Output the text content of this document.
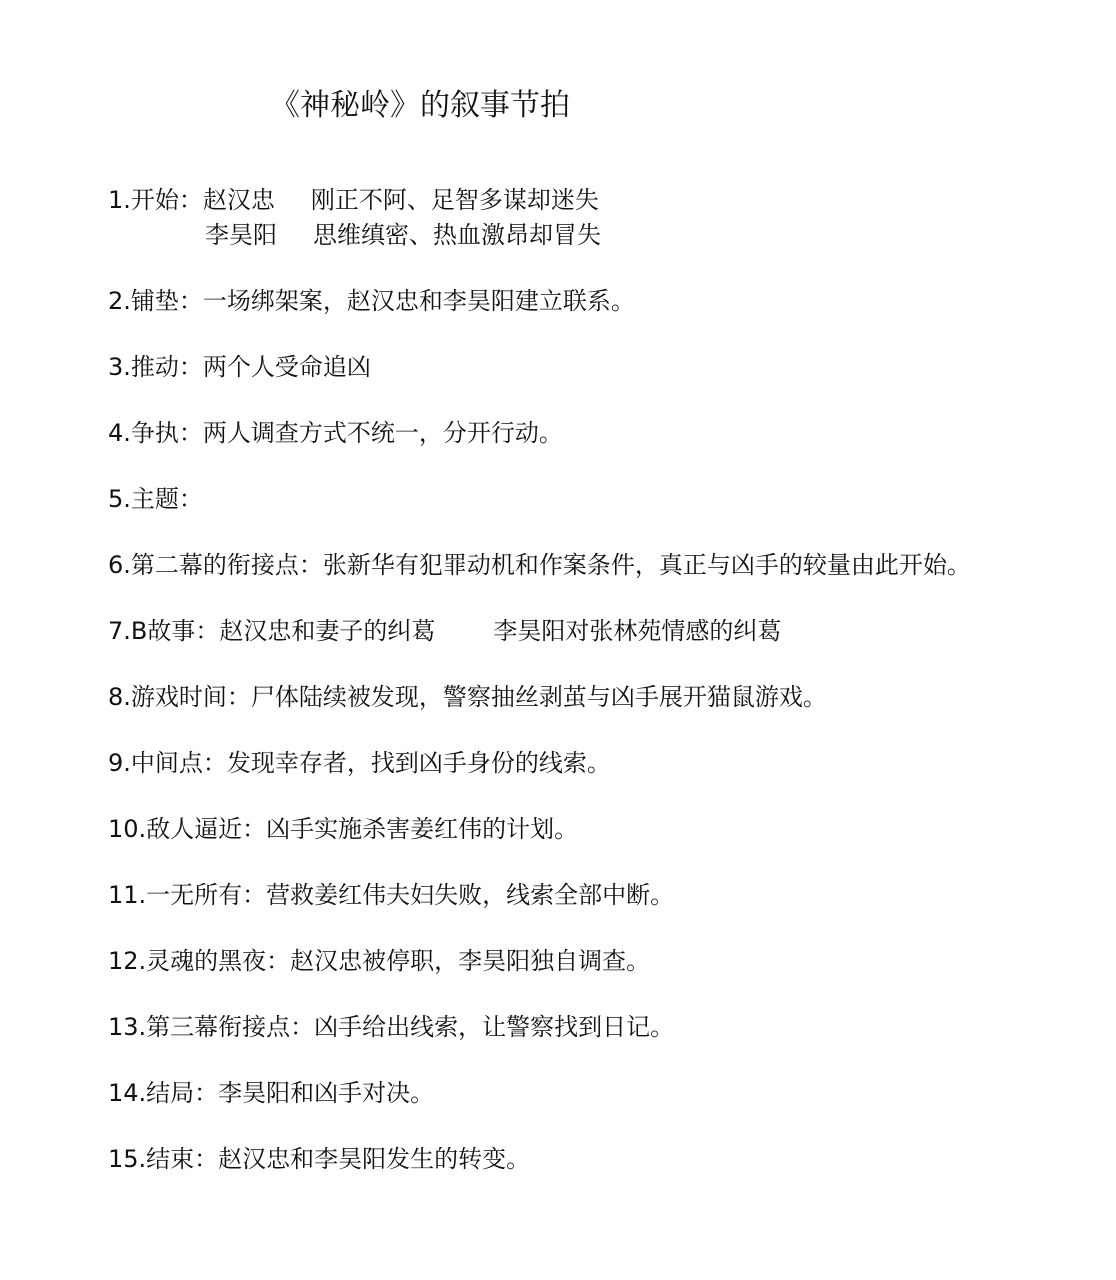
《神秘岭》的叙事节拍
1.开始：赵汉忠 刚正不阿、足智多谋却迷失
李昊阳 思维缜密、热血激昂却冒失
2.铺垫：一场绑架案，赵汉忠和李昊阳建立联系。
3.推动：两个人受命追凶
4.争执：两人调查方式不统一，分开行动。
5.主题：
6.第二幕的衔接点：张新华有犯罪动机和作案条件，真正与凶手的较量由此开始。
7.B故事：赵汉忠和妻子的纠葛 李昊阳对张林苑情感的纠葛
8.游戏时间：尸体陆续被发现，警察抽丝剥茧与凶手展开猫鼠游戏。
9.中间点：发现幸存者，找到凶手身份的线索。
10.敌人逼近：凶手实施杀害姜红伟的计划。
11.一无所有：营救姜红伟夫妇失败，线索全部中断。
12.灵魂的黑夜：赵汉忠被停职，李昊阳独自调查。
13.第三幕衔接点：凶手给出线索，让警察找到日记。
14.结局：李昊阳和凶手对决。
15.结束：赵汉忠和李昊阳发生的转变。
